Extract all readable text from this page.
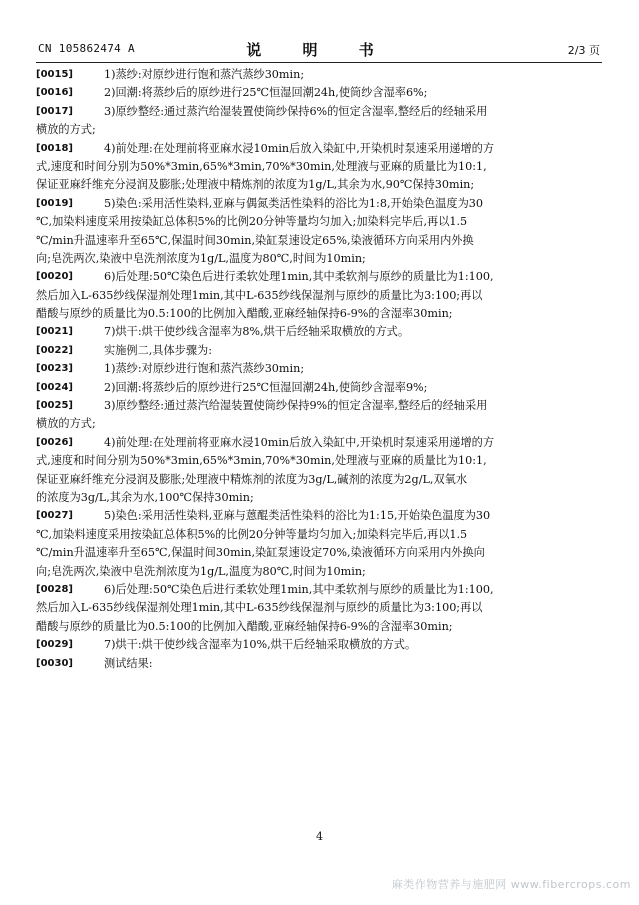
CN 105862474 A	说 明 书	2/3 页
[0015]	1)蒸纱:对原纱进行饱和蒸汽蒸纱30min;
[0016]	2)回潮:将蒸纱后的原纱进行25℃恒湿回潮24h,使筒纱含湿率6%;
[0017]	3)原纱整经:通过蒸汽给湿装置使筒纱保持6%的恒定含湿率,整经后的经轴采用
横放的方式;
[0018]	4)前处理:在处理前将亚麻水浸10min后放入染缸中,开染机时泵速采用递增的方
式,速度和时间分别为50%*3min,65%*3min,70%*30min,处理液与亚麻的质量比为10:1,
保证亚麻纤维充分浸润及膨胀;处理液中精炼剂的浓度为1g/L,其余为水,90℃保持30min;
[0019]	5)染色:采用活性染料,亚麻与偶氮类活性染料的浴比为1:8,开始染色温度为30
℃,加染料速度采用按染缸总体积5%的比例20分钟等量均匀加入;加染料完毕后,再以1.5
℃/min升温速率升至65℃,保温时间30min,染缸泵速设定65%,染液循环方向采用内外换
向;皂洗两次,染液中皂洗剂浓度为1g/L,温度为80℃,时间为10min;
[0020]	6)后处理:50℃染色后进行柔软处理1min,其中柔软剂与原纱的质量比为1:100,
然后加入L-635纱线保湿剂处理1min,其中L-635纱线保湿剂与原纱的质量比为3:100;再以
醋酸与原纱的质量比为0.5:100的比例加入醋酸,亚麻经轴保持6-9%的含湿率30min;
[0021]	7)烘干:烘干使纱线含湿率为8%,烘干后经轴采取横放的方式。
[0022]	实施例二,具体步骤为:
[0023]	1)蒸纱:对原纱进行饱和蒸汽蒸纱30min;
[0024]	2)回潮:将蒸纱后的原纱进行25℃恒湿回潮24h,使筒纱含湿率9%;
[0025]	3)原纱整经:通过蒸汽给湿装置使筒纱保持9%的恒定含湿率,整经后的经轴采用
横放的方式;
[0026]	4)前处理:在处理前将亚麻水浸10min后放入染缸中,开染机时泵速采用递增的方
式,速度和时间分别为50%*3min,65%*3min,70%*30min,处理液与亚麻的质量比为10:1,
保证亚麻纤维充分浸润及膨胀;处理液中精炼剂的浓度为3g/L,碱剂的浓度为2g/L,双氧水
的浓度为3g/L,其余为水,100℃保持30min;
[0027]	5)染色:采用活性染料,亚麻与蒽醌类活性染料的浴比为1:15,开始染色温度为30
℃,加染料速度采用按染缸总体积5%的比例20分钟等量均匀加入;加染料完毕后,再以1.5
℃/min升温速率升至65℃,保温时间30min,染缸泵速设定70%,染液循环方向采用内外换向
向;皂洗两次,染液中皂洗剂浓度为1g/L,温度为80℃,时间为10min;
[0028]	6)后处理:50℃染色后进行柔软处理1min,其中柔软剂与原纱的质量比为1:100,
然后加入L-635纱线保湿剂处理1min,其中L-635纱线保湿剂与原纱的质量比为3:100;再以
醋酸与原纱的质量比为0.5:100的比例加入醋酸,亚麻经轴保持6-9%的含湿率30min;
[0029]	7)烘干:烘干使纱线含湿率为10%,烘干后经轴采取横放的方式。
[0030]	测试结果:
4
麻类作物营养与施肥网 www.fibercrops.com
